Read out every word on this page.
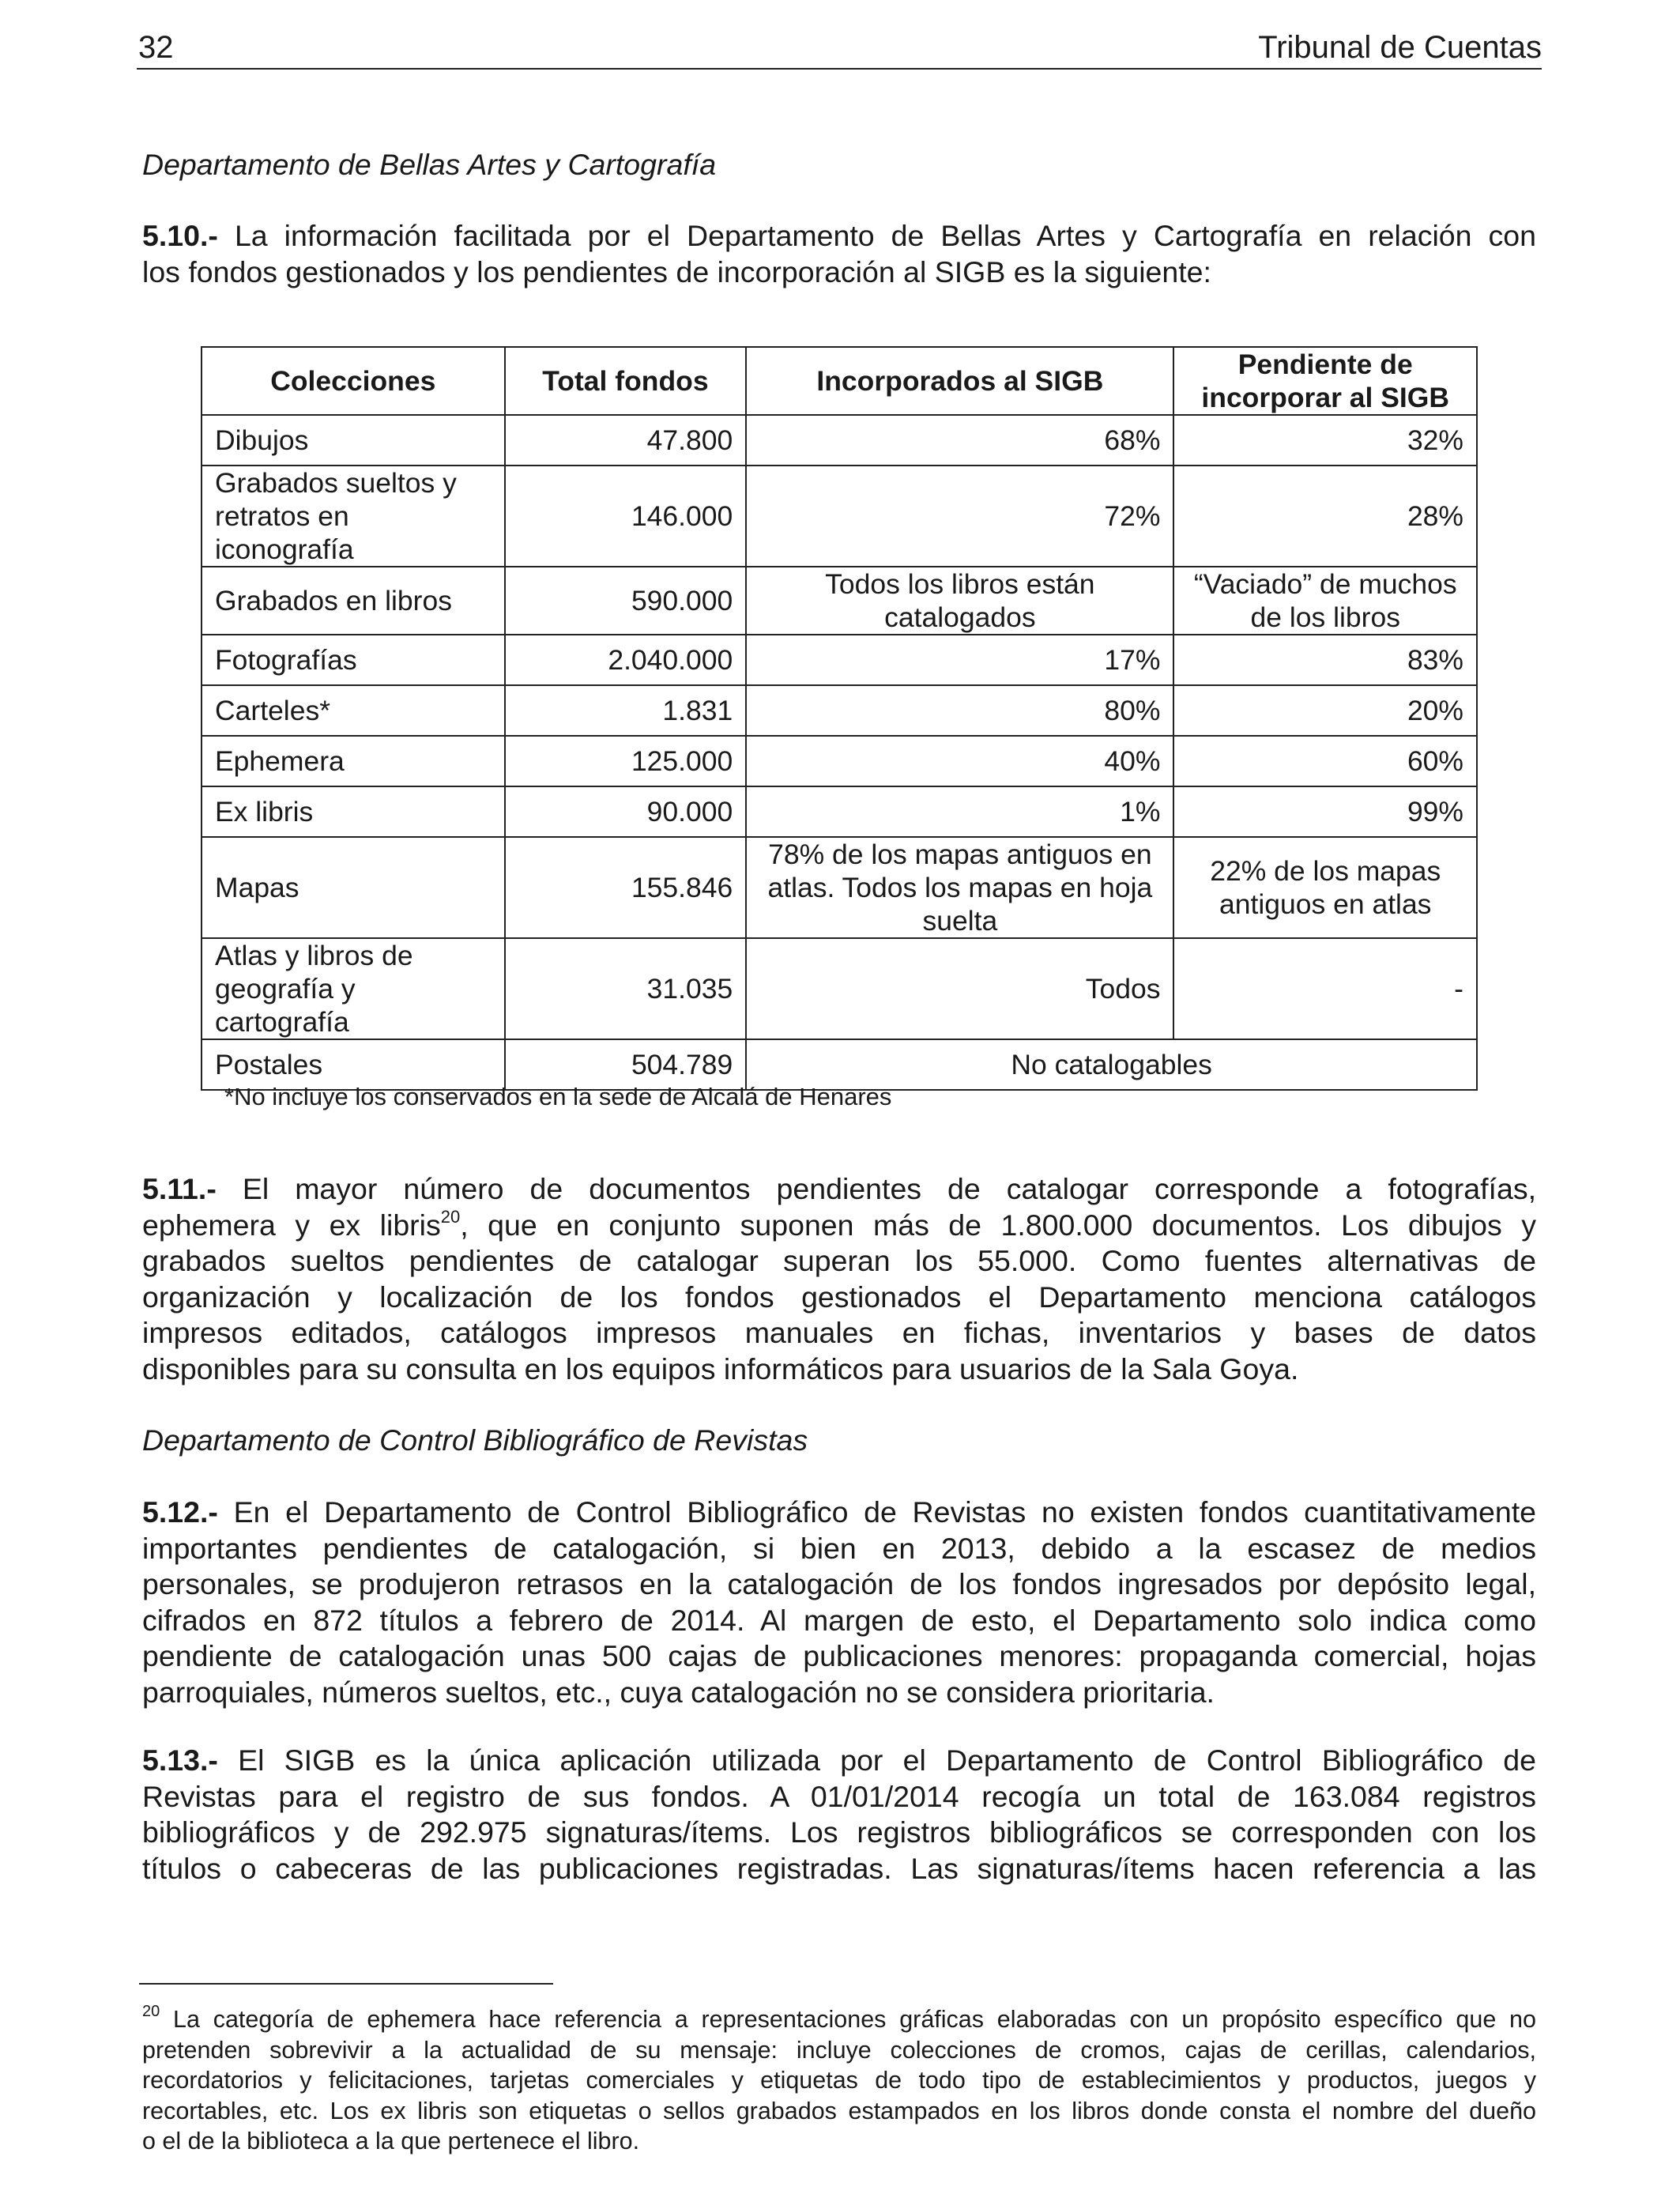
32	Tribunal de Cuentas
Departamento de Bellas Artes y Cartografía
5.10.- La información facilitada por el Departamento de Bellas Artes y Cartografía en relación con
los fondos gestionados y los pendientes de incorporación al SIGB es la siguiente:
Colecciones	Total fondos	Incorporados al SIGB	Pendiente de incorporar al SIGB
Dibujos	47.800	68%	32%
Grabados sueltos y retratos en iconografía	146.000	72%	28%
Grabados en libros	590.000	Todos los libros están catalogados	“Vaciado” de muchos de los libros
Fotografías	2.040.000	17%	83%
Carteles*	1.831	80%	20%
Ephemera	125.000	40%	60%
Ex libris	90.000	1%	99%
Mapas	155.846	78% de los mapas antiguos en atlas. Todos los mapas en hoja suelta	22% de los mapas antiguos en atlas
Atlas y libros de geografía y cartografía	31.035	Todos	-
Postales	504.789	No catalogables	
*No incluye los conservados en la sede de Alcalá de Henares
5.11.- El mayor número de documentos pendientes de catalogar corresponde a fotografías,
ephemera y ex libris$^{20}$, que en conjunto suponen más de 1.800.000 documentos. Los dibujos y
grabados sueltos pendientes de catalogar superan los 55.000. Como fuentes alternativas de
organización y localización de los fondos gestionados el Departamento menciona catálogos
impresos editados, catálogos impresos manuales en fichas, inventarios y bases de datos
disponibles para su consulta en los equipos informáticos para usuarios de la Sala Goya.
Departamento de Control Bibliográfico de Revistas
5.12.- En el Departamento de Control Bibliográfico de Revistas no existen fondos cuantitativamente
importantes pendientes de catalogación, si bien en 2013, debido a la escasez de medios
personales, se produjeron retrasos en la catalogación de los fondos ingresados por depósito legal,
cifrados en 872 títulos a febrero de 2014. Al margen de esto, el Departamento solo indica como
pendiente de catalogación unas 500 cajas de publicaciones menores: propaganda comercial, hojas
parroquiales, números sueltos, etc., cuya catalogación no se considera prioritaria.
5.13.- El SIGB es la única aplicación utilizada por el Departamento de Control Bibliográfico de
Revistas para el registro de sus fondos. A 01/01/2014 recogía un total de 163.084 registros
bibliográficos y de 292.975 signaturas/ítems. Los registros bibliográficos se corresponden con los
títulos o cabeceras de las publicaciones registradas. Las signaturas/ítems hacen referencia a las
$^{20}$ La categoría de ephemera hace referencia a representaciones gráficas elaboradas con un propósito específico que no
pretenden sobrevivir a la actualidad de su mensaje: incluye colecciones de cromos, cajas de cerillas, calendarios,
recordatorios y felicitaciones, tarjetas comerciales y etiquetas de todo tipo de establecimientos y productos, juegos y
recortables, etc. Los ex libris son etiquetas o sellos grabados estampados en los libros donde consta el nombre del dueño
o el de la biblioteca a la que pertenece el libro.
